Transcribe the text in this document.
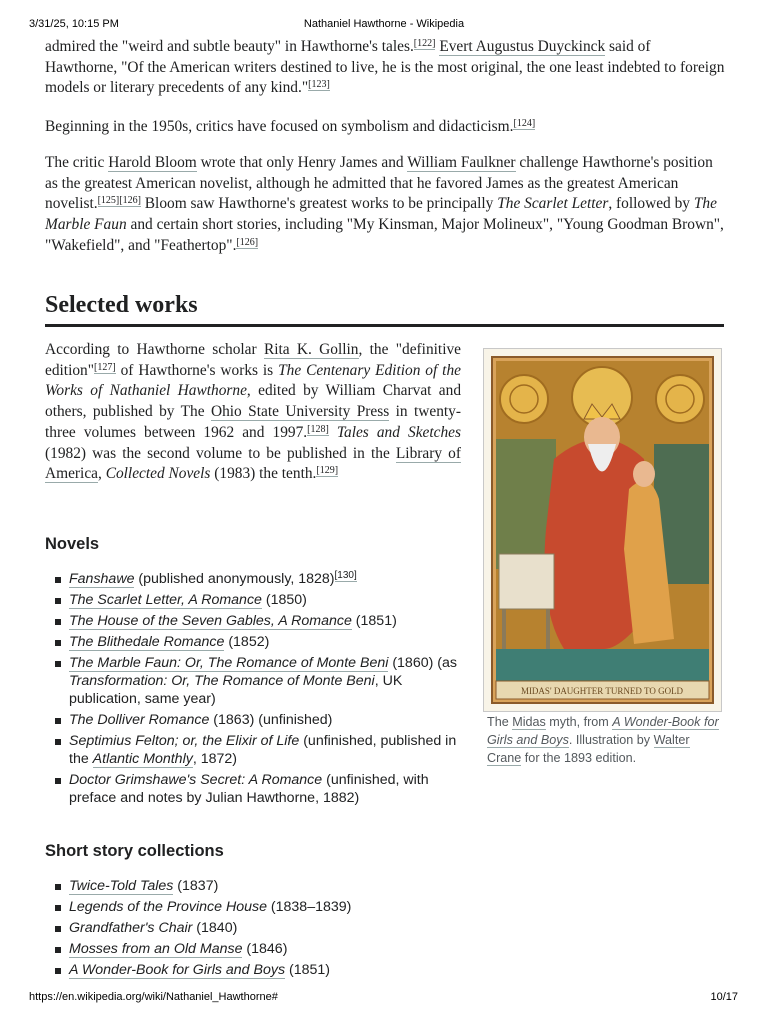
3/31/25, 10:15 PM	Nathaniel Hawthorne - Wikipedia

admired the "weird and subtle beauty" in Hawthorne's tales.[122] Evert Augustus Duyckinck said of Hawthorne, "Of the American writers destined to live, he is the most original, the one least indebted to foreign models or literary precedents of any kind."[123]

Beginning in the 1950s, critics have focused on symbolism and didacticism.[124]

The critic Harold Bloom wrote that only Henry James and William Faulkner challenge Hawthorne's position as the greatest American novelist, although he admitted that he favored James as the greatest American novelist.[125][126] Bloom saw Hawthorne's greatest works to be principally The Scarlet Letter, followed by The Marble Faun and certain short stories, including "My Kinsman, Major Molineux", "Young Goodman Brown", "Wakefield", and "Feathertop".[126]

Selected works

According to Hawthorne scholar Rita K. Gollin, the "definitive edition"[127] of Hawthorne's works is The Centenary Edition of the Works of Nathaniel Hawthorne, edited by William Charvat and others, published by The Ohio State University Press in twenty-three volumes between 1962 and 1997.[128] Tales and Sketches (1982) was the second volume to be published in the Library of America, Collected Novels (1983) the tenth.[129]

MIDAS' DAUGHTER TURNED TO GOLD
The Midas myth, from A Wonder-Book for Girls and Boys. Illustration by Walter Crane for the 1893 edition.
Novels
Fanshawe (published anonymously, 1828)[130]
The Scarlet Letter, A Romance (1850)
The House of the Seven Gables, A Romance (1851)
The Blithedale Romance (1852)
The Marble Faun: Or, The Romance of Monte Beni (1860) (as Transformation: Or, The Romance of Monte Beni, UK publication, same year)
The Dolliver Romance (1863) (unfinished)
Septimius Felton; or, the Elixir of Life (unfinished, published in the Atlantic Monthly, 1872)
Doctor Grimshawe's Secret: A Romance (unfinished, with preface and notes by Julian Hawthorne, 1882)
Short story collections
Twice-Told Tales (1837)
Legends of the Province House (1838–1839)
Grandfather's Chair (1840)
Mosses from an Old Manse (1846)
A Wonder-Book for Girls and Boys (1851)
https://en.wikipedia.org/wiki/Nathaniel_Hawthorne#	10/17
